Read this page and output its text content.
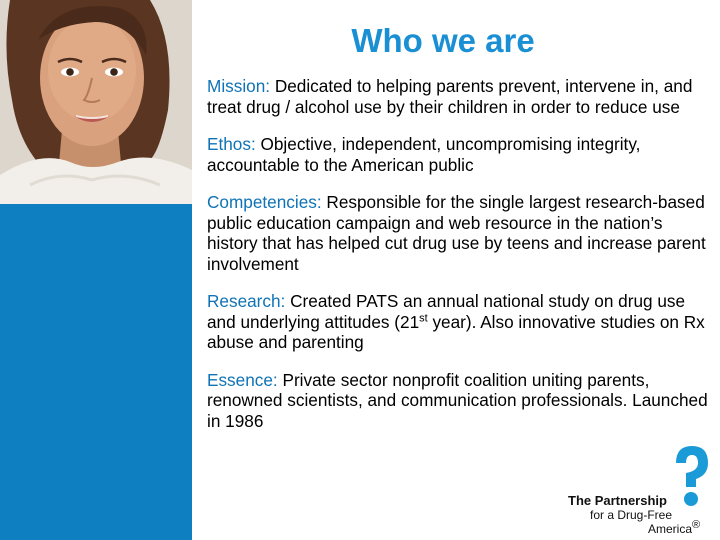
Who we are

Mission: Dedicated to helping parents prevent, intervene in, and treat drug / alcohol use by their children in order to reduce use

Ethos: Objective, independent, uncompromising integrity, accountable to the American public

Competencies: Responsible for the single largest research-based public education campaign and web resource in the nation’s history that has helped cut drug use by teens and increase parent involvement

Research: Created PATS an annual national study on drug use and underlying attitudes (21st year). Also innovative studies on Rx abuse and parenting

Essence: Private sector nonprofit coalition uniting parents, renowned scientists, and communication professionals. Launched in 1986

The Partnership
for a Drug-Free
America®
